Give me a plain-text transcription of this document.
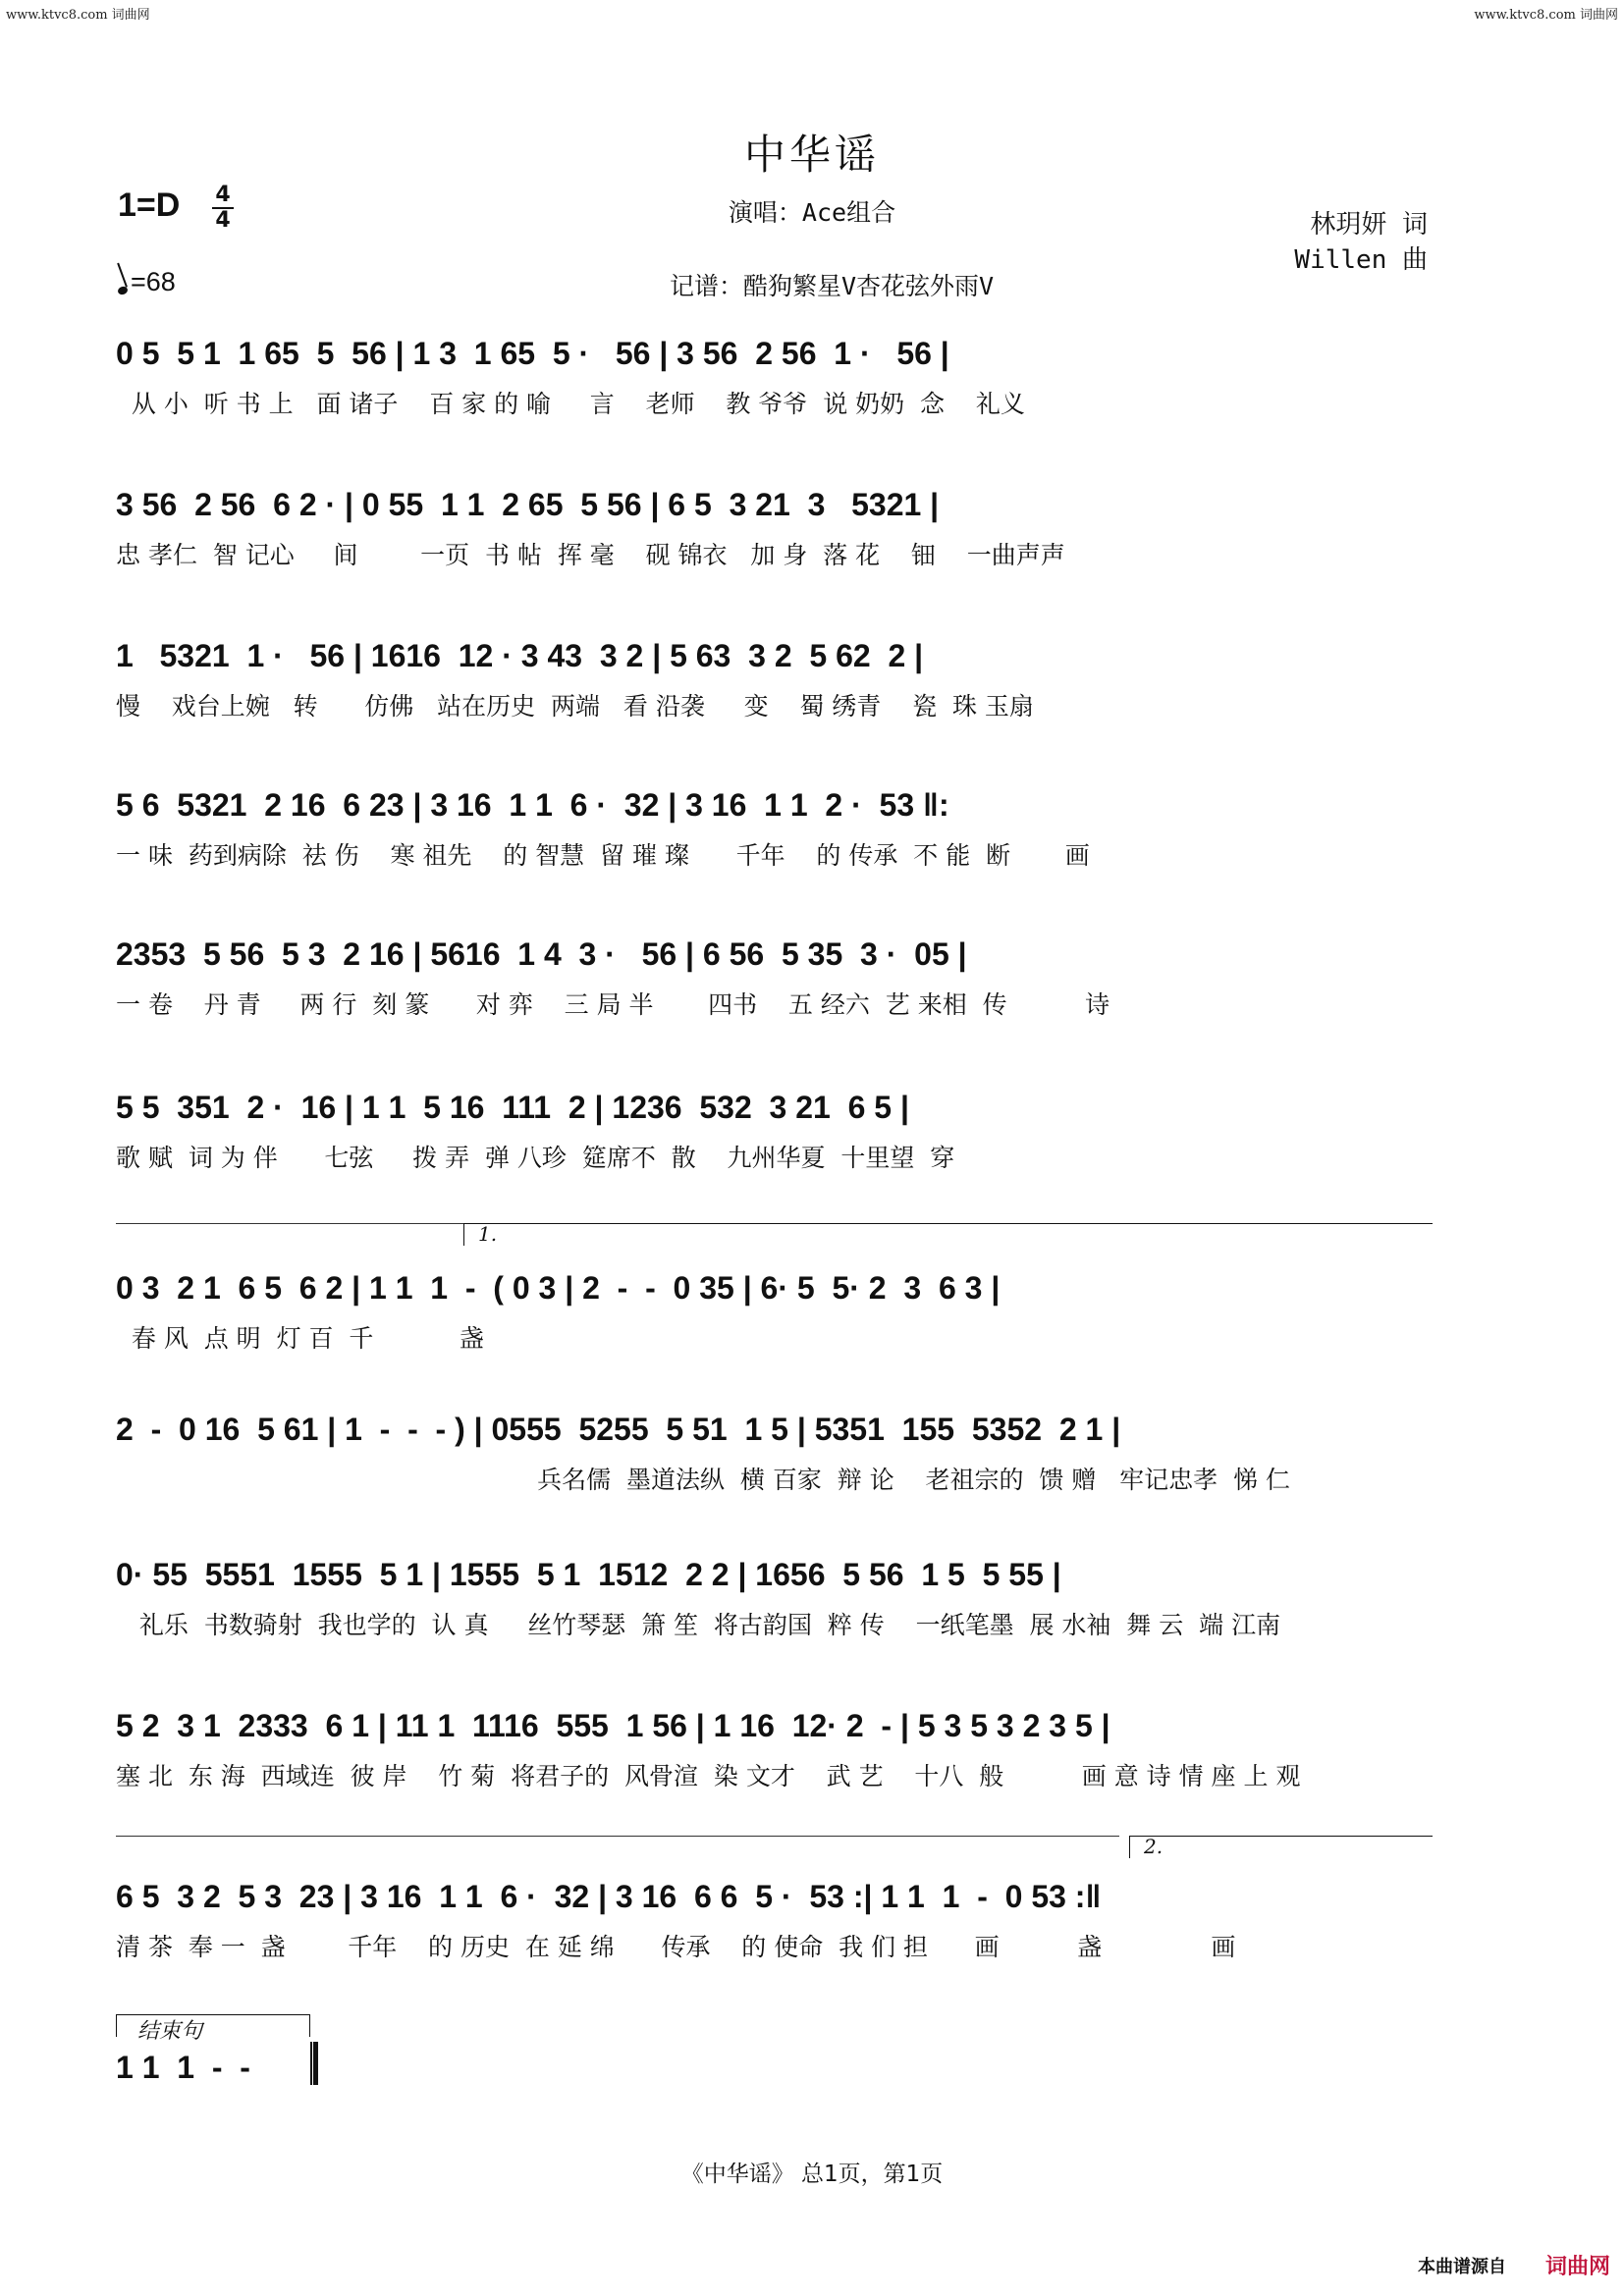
www.ktvc8.com 词曲网	www.ktvc8.com 词曲网
中华谣
1=D 4
4
=68
演唱：Ace组合
记谱：酷狗繁星V杏花弦外雨V
林玥妍 词
Willen 曲
0 5  5 1  1 65  5  56 | 1 3  1 65  5 ·   56 | 3 56  2 56  1 ·   56 |
从 小  听 书 上   面 诸子    百 家 的 喻     言    老师    教 爷爷  说 奶奶  念    礼义
3 56  2 56  6 2 · | 0 55  1 1  2 65  5 56 | 6 5  3 21  3   5321 |
忠 孝仁  智 记心     间        一页  书 帖  挥 毫    砚 锦衣   加 身  落 花    钿    一曲声声
1   5321  1 ·   56 | 1616  12 · 3 43  3 2 | 5 63  3 2  5 62  2 |
慢    戏台上婉   转      仿佛   站在历史  两端   看 沿袭     变    蜀 绣青    瓷  珠 玉扇
5 6  5321  2 16  6 23 | 3 16  1 1  6 ·  32 | 3 16  1 1  2 ·  53 ‖:
一 味  药到病除  祛 伤    寒 祖先    的 智慧  留 璀 璨      千年    的 传承  不 能  断       画
2353  5 56  5 3  2 16 | 5616  1 4  3 ·   56 | 6 56  5 35  3 ·  05 |
一 卷    丹 青     两 行  刻 篆      对 弈    三 局 半       四书    五 经六  艺 来相  传          诗
5 5  351  2 ·  16 | 1 1  5 16  111  2 | 1236  532  3 21  6 5 |
歌 赋  词 为 伴      七弦     拨 弄  弹 八珍  筵席不  散    九州华夏  十里望  穿
0 3  2 1  6 5  6 2 | 1 1  1  -  ( 0 3 | 2  -  -  0 35 | 6· 5  5· 2  3  6 3 |
春 风  点 明  灯 百  千           盏
2  -  0 16  5 61 | 1  -  -  - ) | 0555  5255  5 51  1 5 | 5351  155  5352  2 1 |
兵名儒  墨道法纵  横 百家  辩 论    老祖宗的  馈 赠   牢记忠孝  悌 仁
0· 55  5551  1555  5 1 | 1555  5 1  1512  2 2 | 1656  5 56  1 5  5 55 |
礼乐  书数骑射  我也学的  认 真     丝竹琴瑟  箫 笙  将古韵国  粹 传    一纸笔墨  展 水袖  舞 云  端 江南
5 2  3 1  2333  6 1 | 11 1  1116  555  1 56 | 1 16  12· 2  - | 5 3 5 3 2 3 5 |
塞 北  东 海  西域连  彼 岸    竹 菊  将君子的  风骨渲  染 文才    武 艺    十八  般          画 意 诗 情 座 上 观
6 5  3 2  5 3  23 | 3 16  1 1  6 ·  32 | 3 16  6 6  5 ·  53 :| 1 1  1  -  0 53 :‖
清 茶  奉 一  盏        千年    的 历史  在 延 绵      传承    的 使命  我 们 担      画          盏              画
1.
2.
结束句
1 1  1  -  -
《中华谣》 总1页，第1页
本曲谱源自 词曲网
